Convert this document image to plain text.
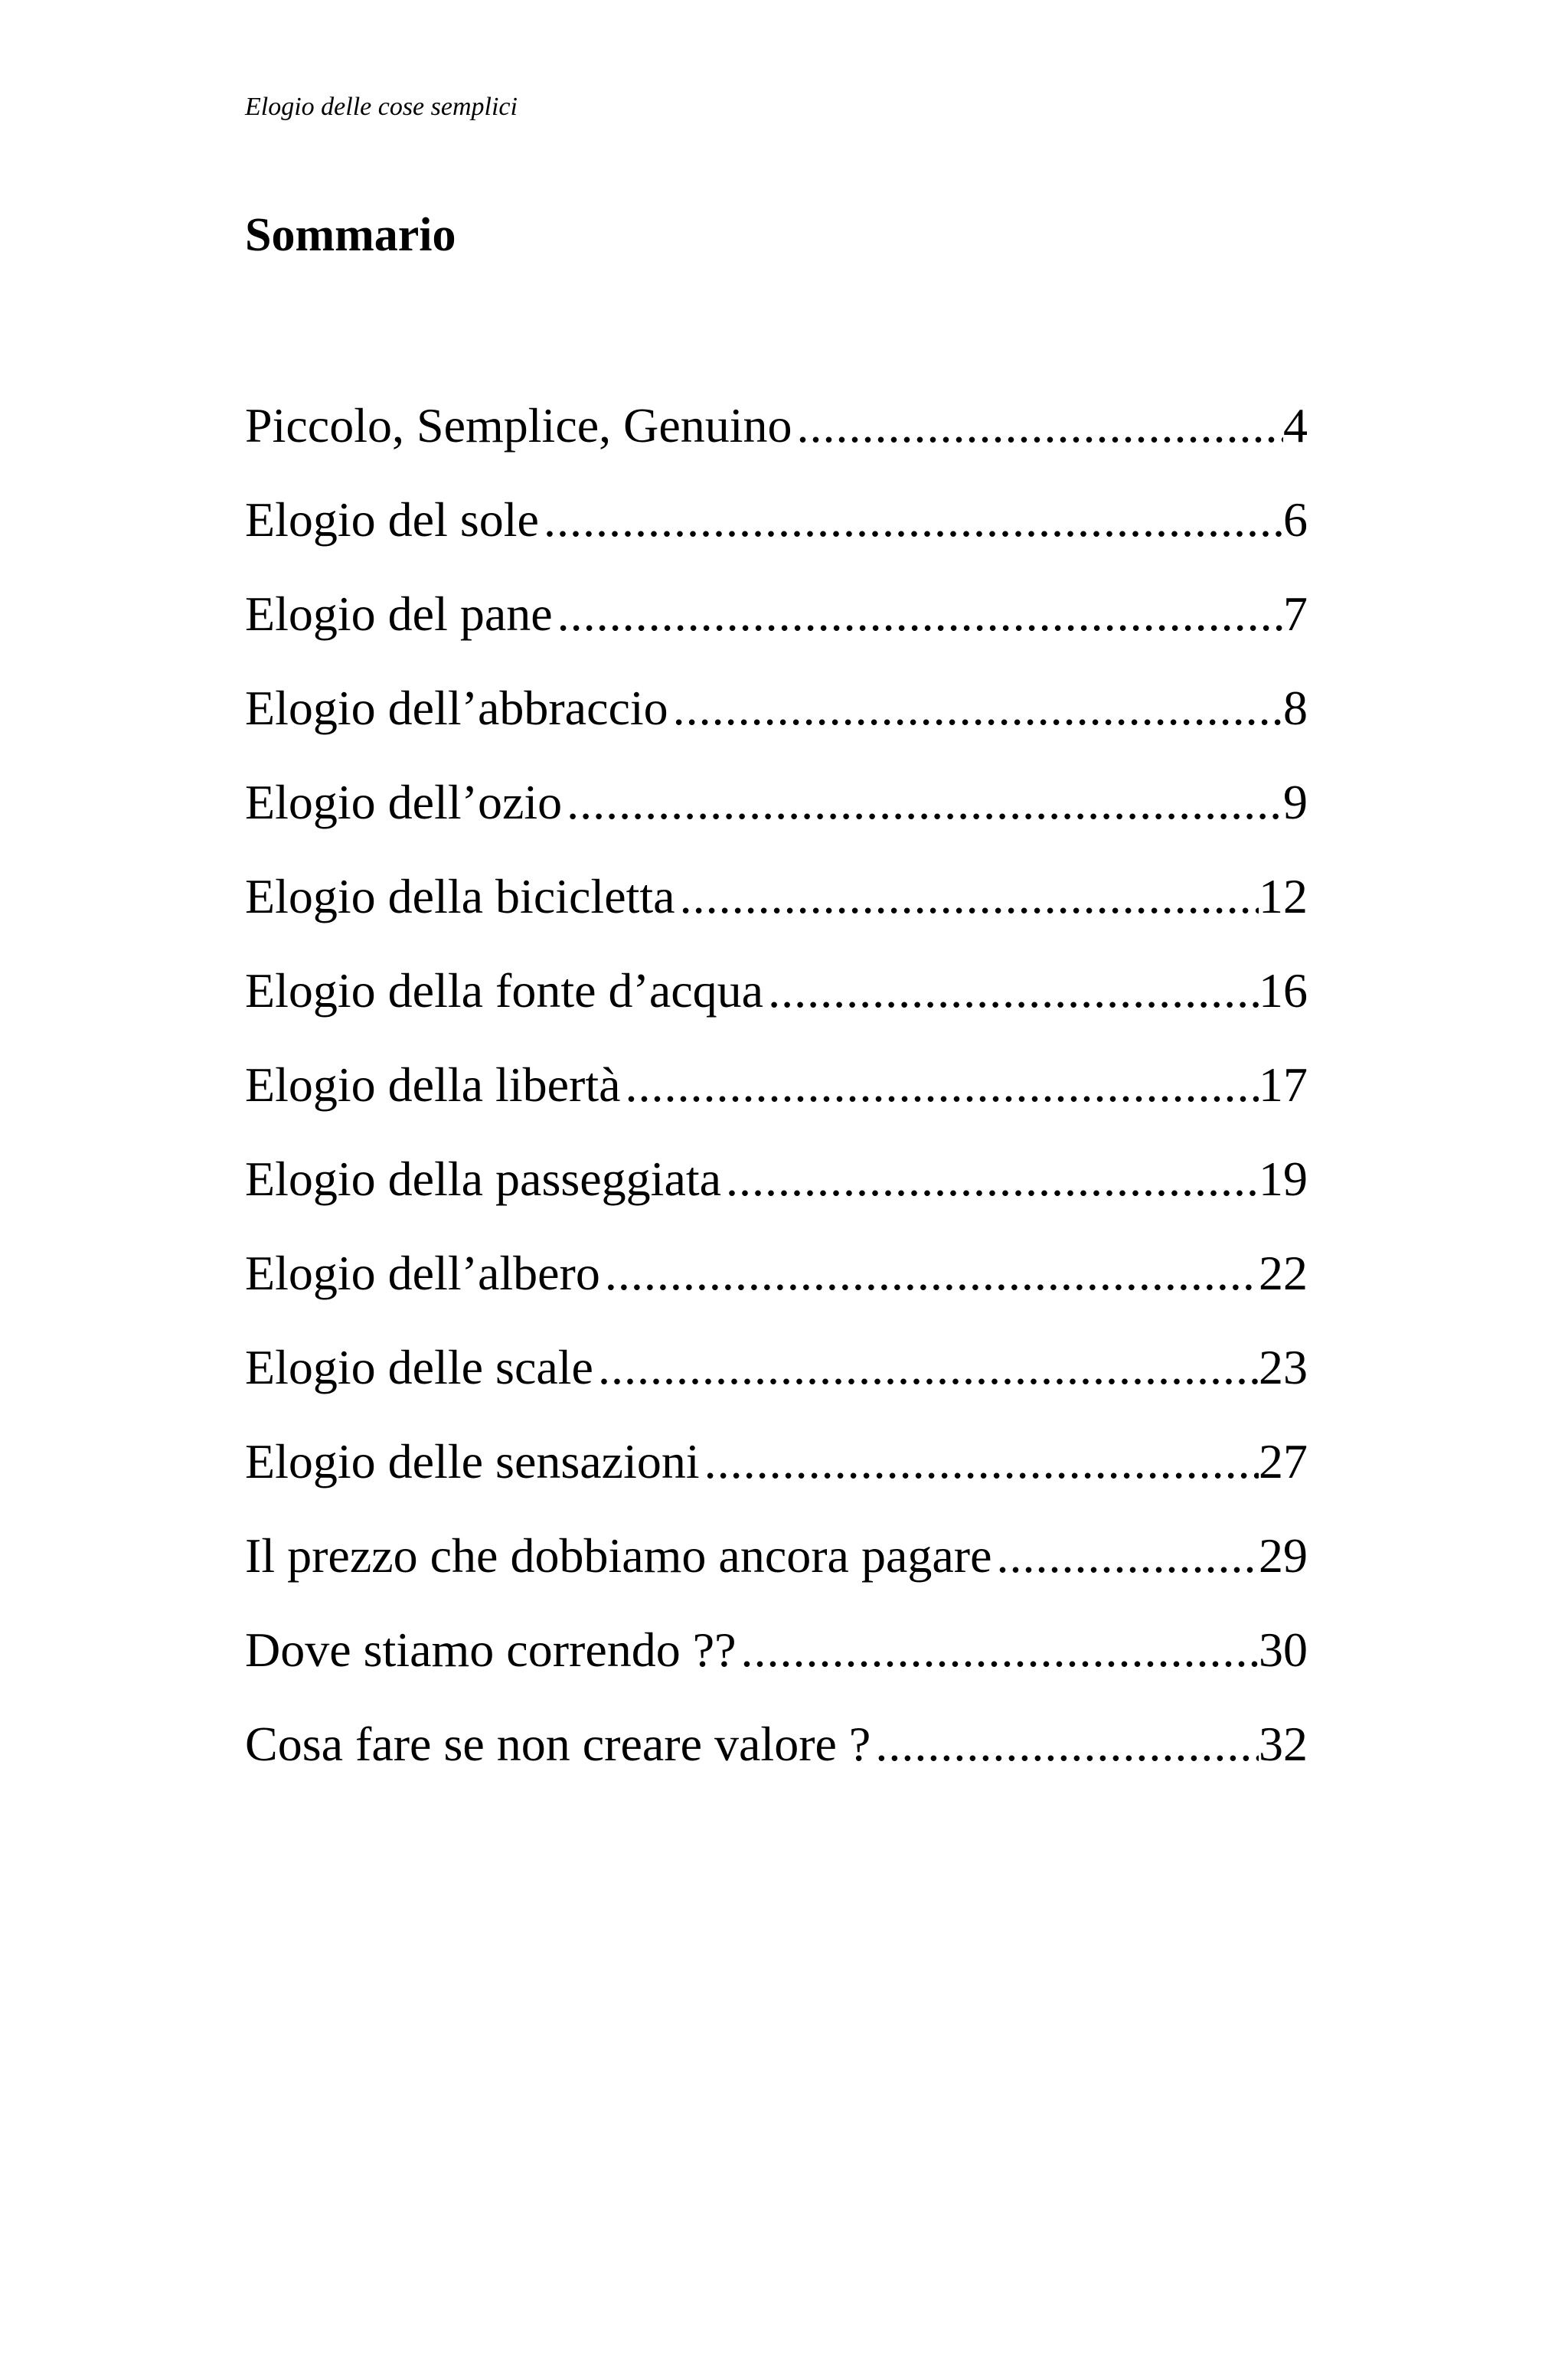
Elogio delle cose semplici
Sommario
Piccolo, Semplice, Genuino .....	4
Elogio del sole .....	6
Elogio del pane .....	7
Elogio dell’abbraccio .....	8
Elogio dell’ozio .....	9
Elogio della bicicletta .....	12
Elogio della fonte d’acqua .....	16
Elogio della libertà .....	17
Elogio della passeggiata .....	19
Elogio dell’albero .....	22
Elogio delle scale .....	23
Elogio delle sensazioni .....	27
Il prezzo che dobbiamo ancora pagare .....	29
Dove stiamo correndo ?? .....	30
Cosa fare se non creare valore ? .....	32
